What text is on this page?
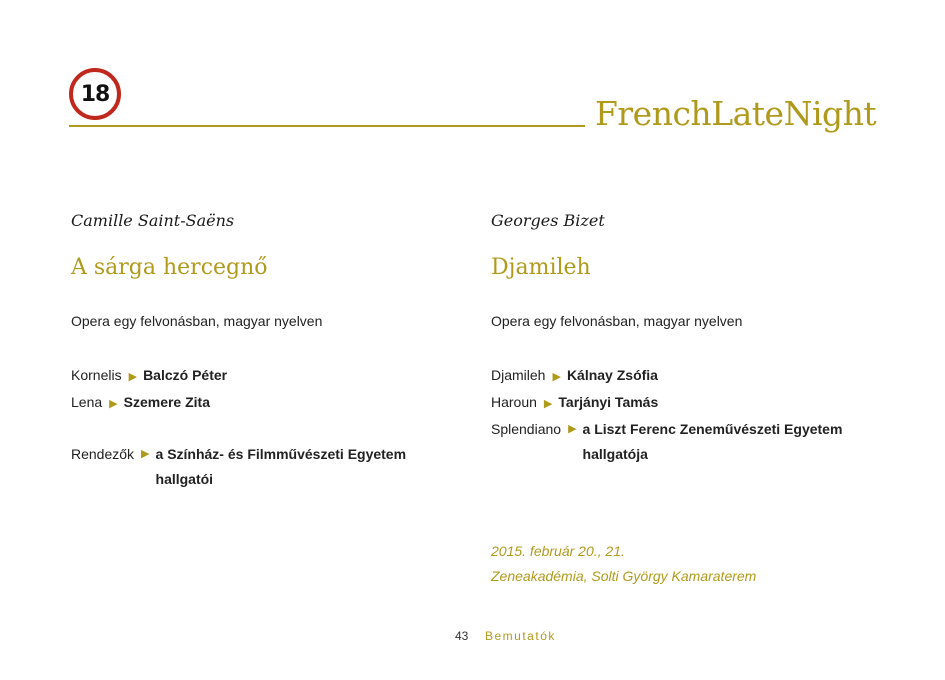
18	FrenchLateNight
Camille Saint-Saëns
A sárga hercegnő
Opera egy felvonásban, magyar nyelven
Kornelis ▶ Balczó Péter
Lena ▶ Szemere Zita
Rendezők ▶ a Színház- és Filmművészeti Egyetem
hallgatói
Georges Bizet
Djamileh
Opera egy felvonásban, magyar nyelven
Djamileh ▶ Kálnay Zsófia
Haroun ▶ Tarjányi Tamás
Splendiano ▶ a Liszt Ferenc Zeneművészeti Egyetem
hallgatója
2015. február 20., 21.
Zeneakadémia, Solti György Kamaraterem
43 Bemutatók
